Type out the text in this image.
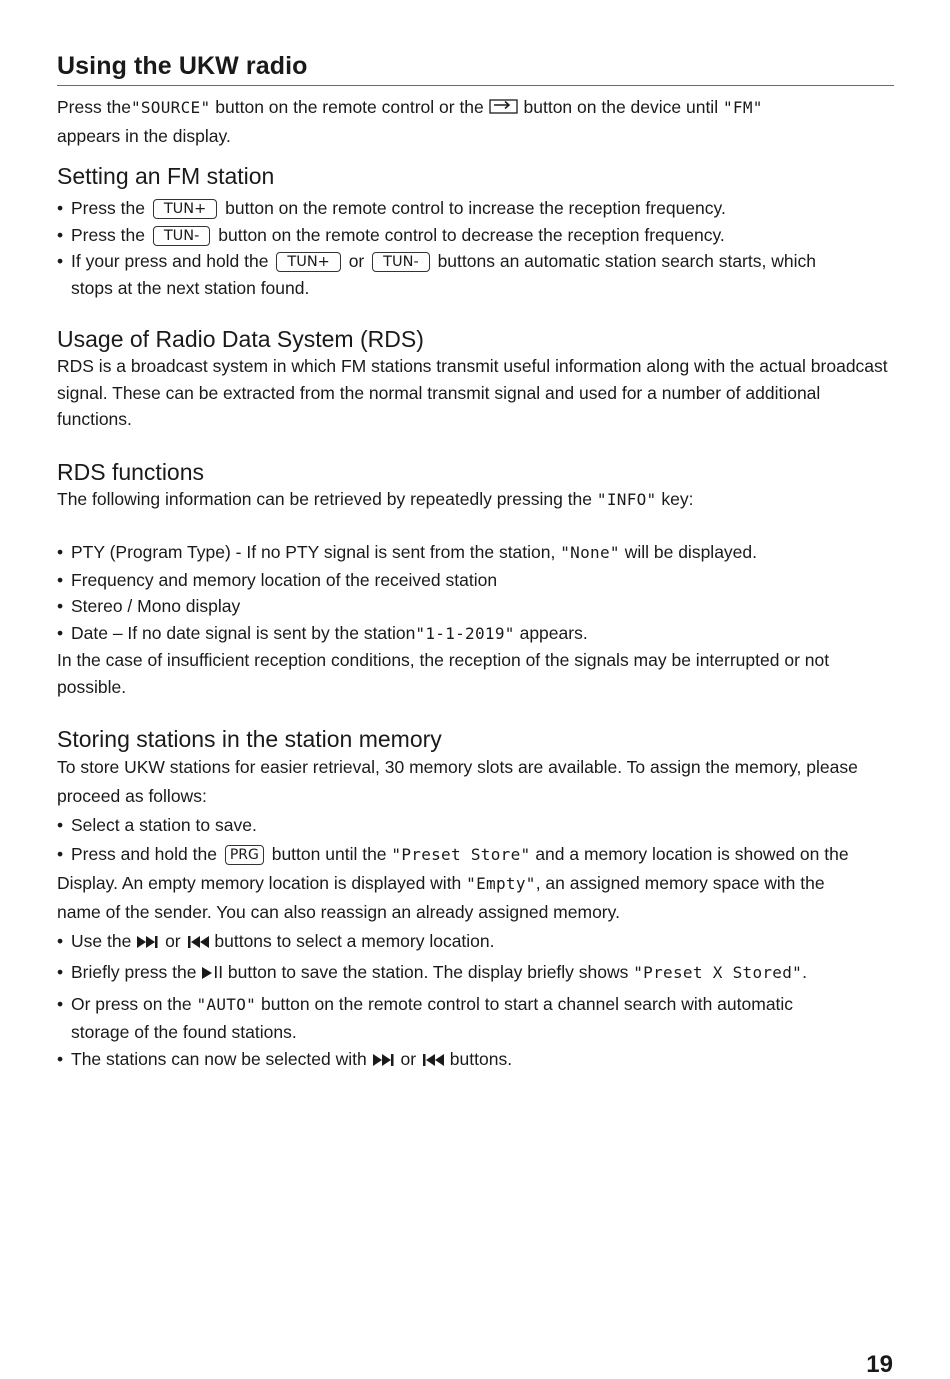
Using the UKW radio

Press the"SOURCE" button on the remote control or the  button on the device until "FM"
appears in the display.

Setting an FM station
• Press the TUN+ button on the remote control to increase the reception frequency.
• Press the TUN- button on the remote control to decrease the reception frequency.
• If your press and hold the TUN+ or TUN- buttons an automatic station search starts, which
stops at the next station found.
Usage of Radio Data System (RDS)

RDS is a broadcast system in which FM stations transmit useful information along with the actual broadcast signal. These can be extracted from the normal transmit signal and used for a number of additional functions.

RDS functions

The following information can be retrieved by repeatedly pressing the "INFO" key:

• PTY (Program Type) - If no PTY signal is sent from the station, "None" will be displayed.
• Frequency and memory location of the received station
• Stereo / Mono display
• Date – If no date signal is sent by the station"1-1-2019" appears.

In the case of insufficient reception conditions, the reception of the signals may be interrupted or not possible.

Storing stations in the station memory

To store UKW stations for easier retrieval, 30 memory slots are available. To assign the memory, please proceed as follows:

• Select a station to save.
• Press and hold the PRG button until the "Preset Store" and a memory location is showed on the
Display. An empty memory location is displayed with "Empty", an assigned memory space with the
name of the sender. You can also reassign an already assigned memory.
• Use the or buttons to select a memory location.
• Briefly press the II button to save the station. The display briefly shows "Preset X Stored".
• Or press on the "AUTO" button on the remote control to start a channel search with automatic
storage of the found stations.
• The stations can now be selected with or buttons.
19
